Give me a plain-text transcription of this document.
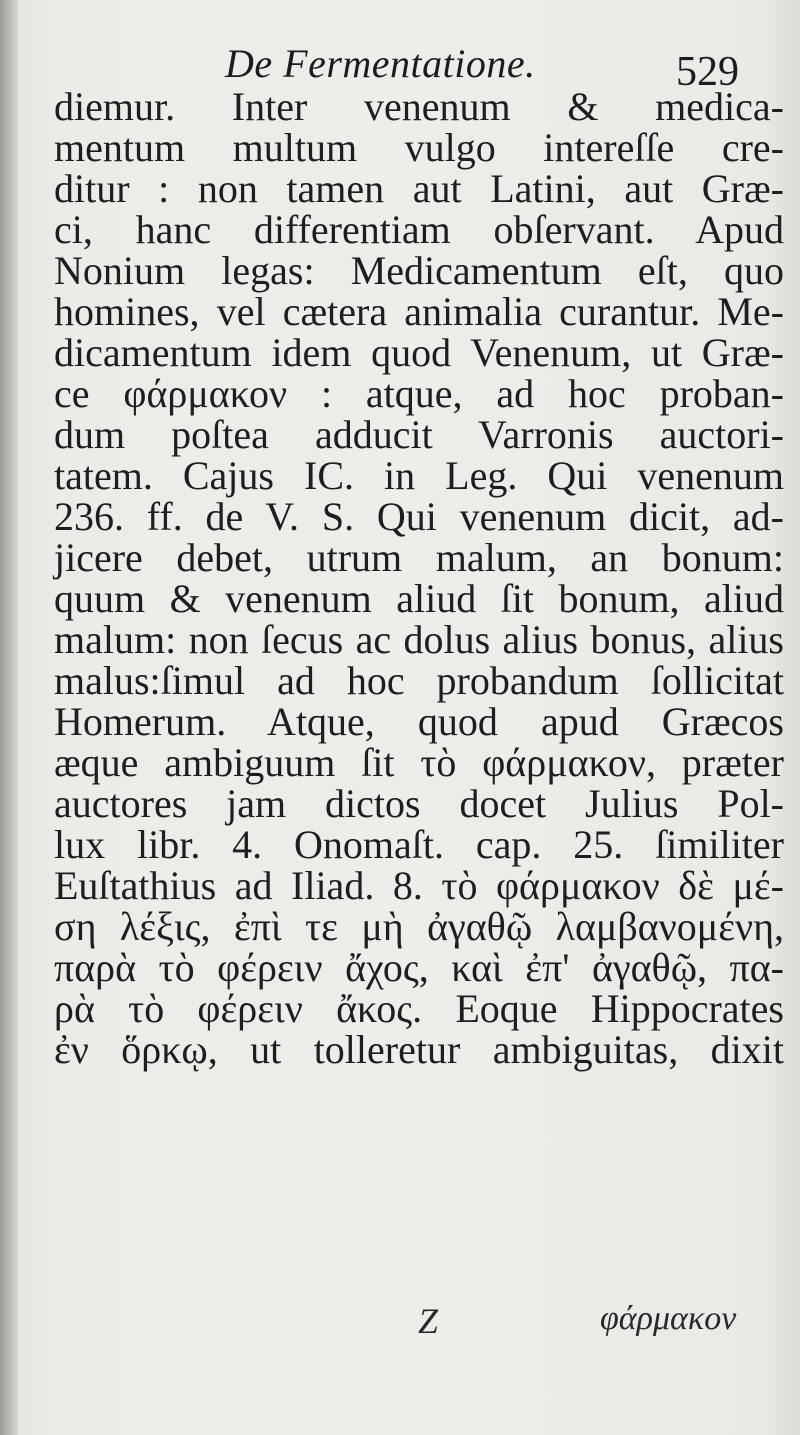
De Fermentatione.	529
diemur. Inter venenum & medica-
mentum multum vulgo intereſſe cre-
ditur : non tamen aut Latini, aut Græ-
ci, hanc differentiam obſervant. Apud
Nonium legas: Medicamentum eſt, quo
homines, vel cætera animalia curantur. Me-
dicamentum idem quod Venenum, ut Græ-
ce φάρμακον : atque, ad hoc proban-
dum poſtea adducit Varronis auctori-
tatem. Cajus IC. in Leg. Qui venenum
236. ff. de V. S. Qui venenum dicit, ad-
jicere debet, utrum malum, an bonum:
quum & venenum aliud ſit bonum, aliud
malum: non ſecus ac dolus alius bonus, alius
malus:ſimul ad hoc probandum ſollicitat
Homerum. Atque, quod apud Græcos
æque ambiguum ſit τὸ φάρμακον, præter
auctores jam dictos docet Julius Pol-
lux libr. 4. Onomaſt. cap. 25. ſimiliter
Euſtathius ad Iliad. 8. τὸ φάρμακον δὲ μέ-
ση λέξις, ἐπὶ τε μὴ ἀγαθῷ λαμβανομένη,
παρὰ τὸ φέρειν ἄχος, καὶ ἐπ' ἀγαθῷ, πα-
ρὰ τὸ φέρειν ἄκος. Eoque Hippocrates
ἐν ὅρκῳ, ut tolleretur ambiguitas, dixit
Z	φάρμακον
